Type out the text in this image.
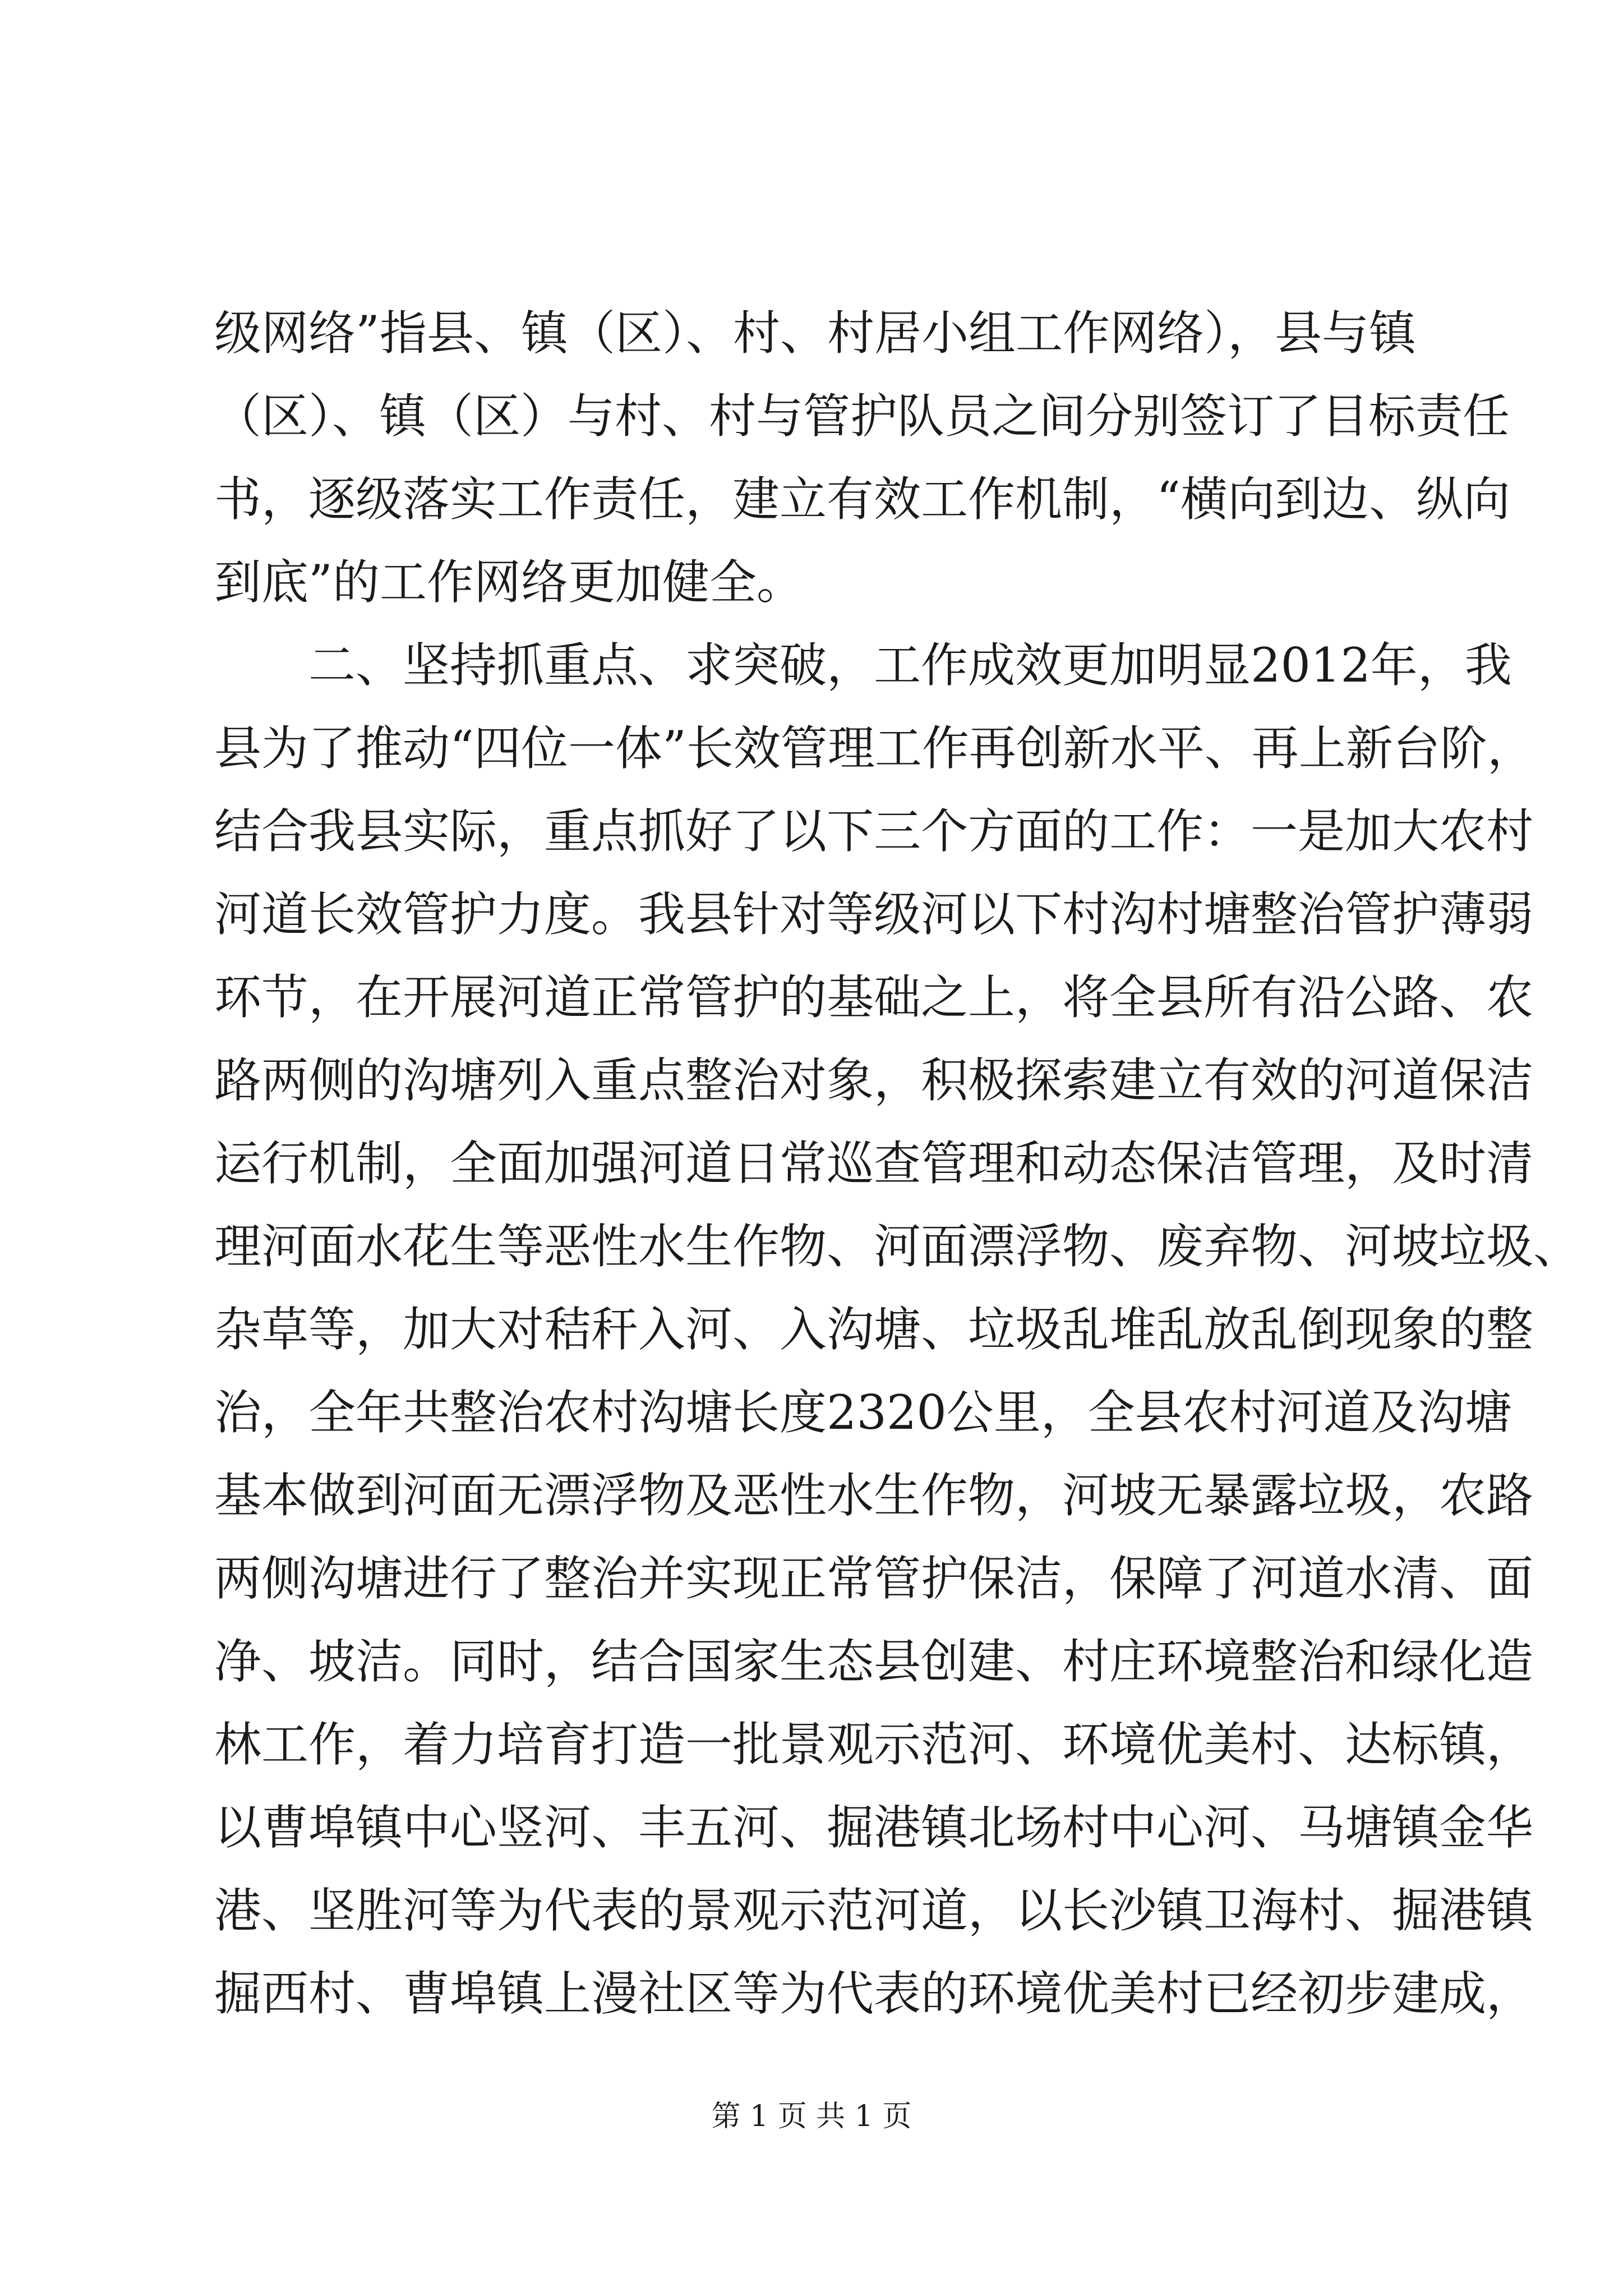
级网络”指县、镇（区）、村、村居小组工作网络），县与镇
（区）、镇（区）与村、村与管护队员之间分别签订了目标责任
书，逐级落实工作责任，建立有效工作机制，“横向到边、纵向
到底”的工作网络更加健全。
二、坚持抓重点、求突破，工作成效更加明显2012年，我
县为了推动“四位一体”长效管理工作再创新水平、再上新台阶，
结合我县实际，重点抓好了以下三个方面的工作：一是加大农村
河道长效管护力度。我县针对等级河以下村沟村塘整治管护薄弱
环节，在开展河道正常管护的基础之上，将全县所有沿公路、农
路两侧的沟塘列入重点整治对象，积极探索建立有效的河道保洁
运行机制，全面加强河道日常巡查管理和动态保洁管理，及时清
理河面水花生等恶性水生作物、河面漂浮物、废弃物、河坡垃圾、
杂草等，加大对秸秆入河、入沟塘、垃圾乱堆乱放乱倒现象的整
治，全年共整治农村沟塘长度2320公里，全县农村河道及沟塘
基本做到河面无漂浮物及恶性水生作物，河坡无暴露垃圾，农路
两侧沟塘进行了整治并实现正常管护保洁，保障了河道水清、面
净、坡洁。同时，结合国家生态县创建、村庄环境整治和绿化造
林工作，着力培育打造一批景观示范河、环境优美村、达标镇，
以曹埠镇中心竖河、丰五河、掘港镇北场村中心河、马塘镇金华
港、坚胜河等为代表的景观示范河道，以长沙镇卫海村、掘港镇
掘西村、曹埠镇上漫社区等为代表的环境优美村已经初步建成，
第 1 页 共 1 页
